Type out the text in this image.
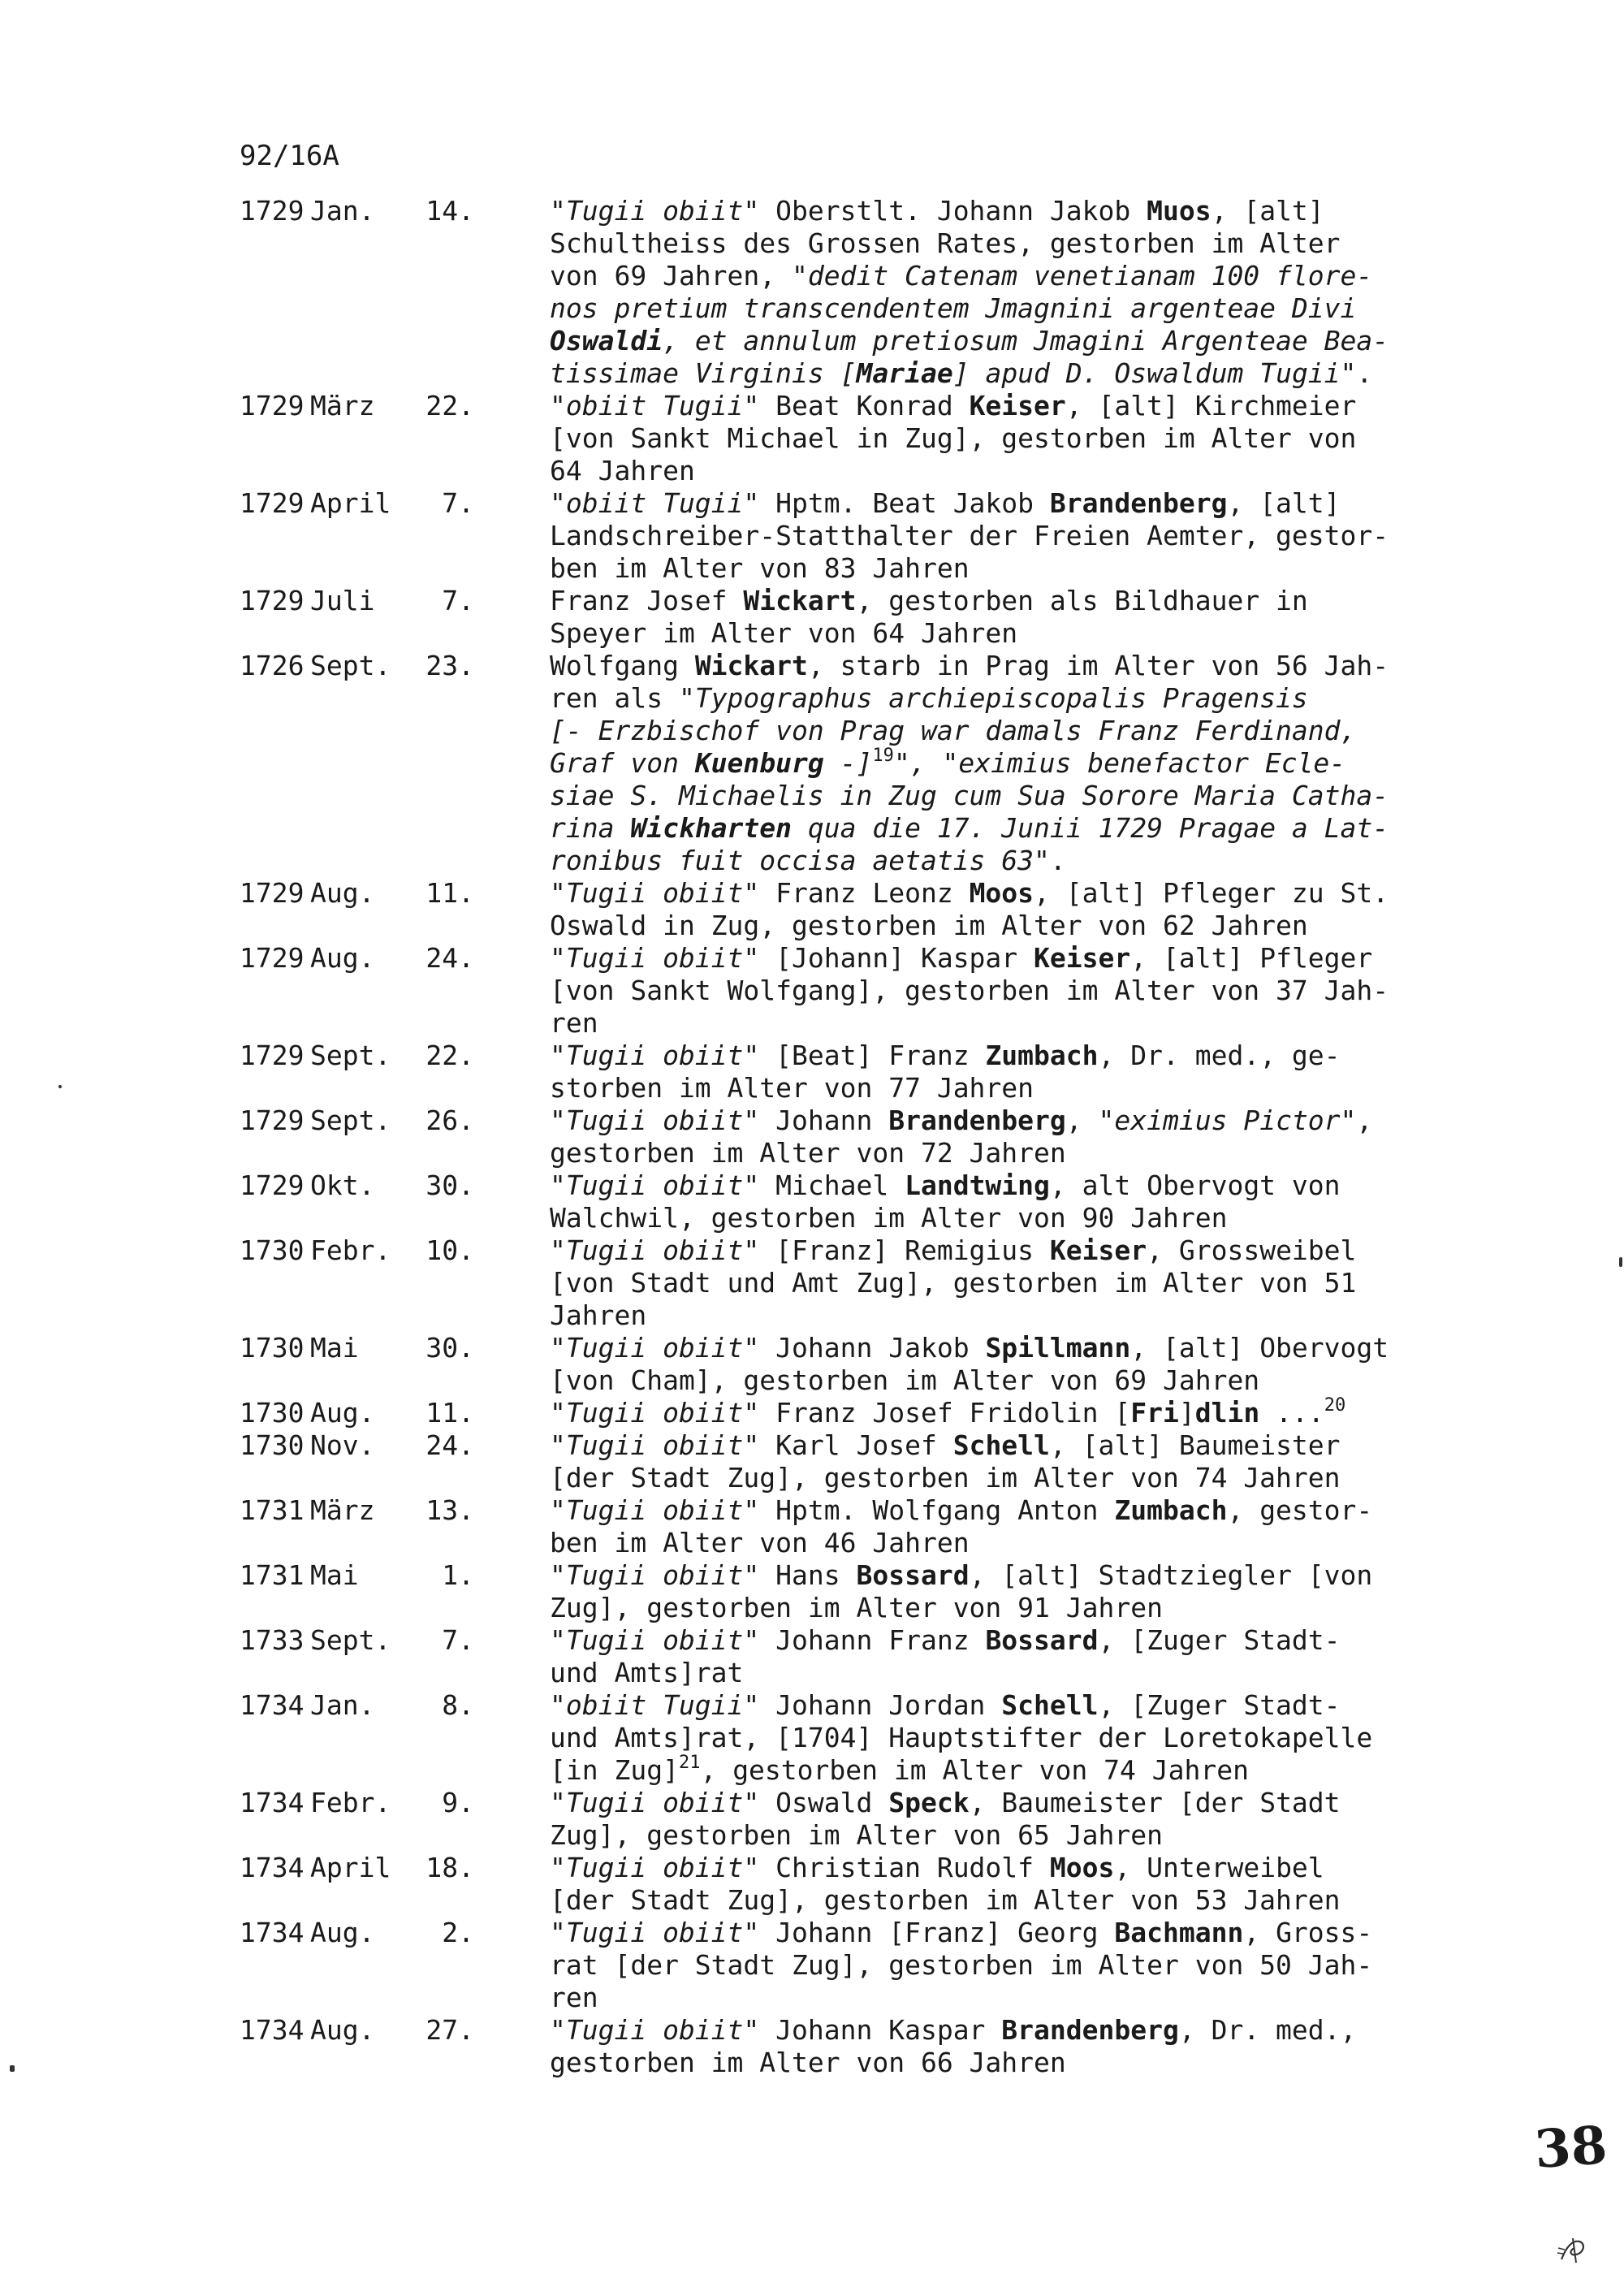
92/16A
1729 Jan.	14.	"Tugii obiit" Oberstlt. Johann Jakob Muos, [alt]
Schultheiss des Grossen Rates, gestorben im Alter
von 69 Jahren, "dedit Catenam venetianam 100 flore-
nos pretium transcendentem Jmagnini argenteae Divi
Oswaldi, et annulum pretiosum Jmagini Argenteae Bea-
tissimae Virginis [Mariae] apud D. Oswaldum Tugii".
1729 März	22.	"obiit Tugii" Beat Konrad Keiser, [alt] Kirchmeier
[von Sankt Michael in Zug], gestorben im Alter von
64 Jahren
1729 April	7.	"obiit Tugii" Hptm. Beat Jakob Brandenberg, [alt]
Landschreiber-Statthalter der Freien Aemter, gestor-
ben im Alter von 83 Jahren
1729 Juli	7.	Franz Josef Wickart, gestorben als Bildhauer in
Speyer im Alter von 64 Jahren
1726 Sept.	23.	Wolfgang Wickart, starb in Prag im Alter von 56 Jah-
ren als "Typographus archiepiscopalis Pragensis
[- Erzbischof von Prag war damals Franz Ferdinand,
Graf von Kuenburg -]$^{19}$", "eximius benefactor Ecle-
siae S. Michaelis in Zug cum Sua Sorore Maria Catha-
rina Wickharten qua die 17. Junii 1729 Pragae a Lat-
ronibus fuit occisa aetatis 63".
1729 Aug.	11.	"Tugii obiit" Franz Leonz Moos, [alt] Pfleger zu St.
Oswald in Zug, gestorben im Alter von 62 Jahren
1729 Aug.	24.	"Tugii obiit" [Johann] Kaspar Keiser, [alt] Pfleger
[von Sankt Wolfgang], gestorben im Alter von 37 Jah-
ren
1729 Sept.	22.	"Tugii obiit" [Beat] Franz Zumbach, Dr. med., ge-
storben im Alter von 77 Jahren
1729 Sept.	26.	"Tugii obiit" Johann Brandenberg, "eximius Pictor",
gestorben im Alter von 72 Jahren
1729 Okt.	30.	"Tugii obiit" Michael Landtwing, alt Obervogt von
Walchwil, gestorben im Alter von 90 Jahren
1730 Febr.	10.	"Tugii obiit" [Franz] Remigius Keiser, Grossweibel
[von Stadt und Amt Zug], gestorben im Alter von 51
Jahren
1730 Mai	30.	"Tugii obiit" Johann Jakob Spillmann, [alt] Obervogt
[von Cham], gestorben im Alter von 69 Jahren
1730 Aug.	11.	"Tugii obiit" Franz Josef Fridolin [Fri]dlin ...$^{20}$
1730 Nov.	24.	"Tugii obiit" Karl Josef Schell, [alt] Baumeister
[der Stadt Zug], gestorben im Alter von 74 Jahren
1731 März	13.	"Tugii obiit" Hptm. Wolfgang Anton Zumbach, gestor-
ben im Alter von 46 Jahren
1731 Mai	1.	"Tugii obiit" Hans Bossard, [alt] Stadtziegler [von
Zug], gestorben im Alter von 91 Jahren
1733 Sept.	7.	"Tugii obiit" Johann Franz Bossard, [Zuger Stadt-
und Amts]rat
1734 Jan.	8.	"obiit Tugii" Johann Jordan Schell, [Zuger Stadt-
und Amts]rat, [1704] Hauptstifter der Loretokapelle
[in Zug]$^{21}$, gestorben im Alter von 74 Jahren
1734 Febr.	9.	"Tugii obiit" Oswald Speck, Baumeister [der Stadt
Zug], gestorben im Alter von 65 Jahren
1734 April	18.	"Tugii obiit" Christian Rudolf Moos, Unterweibel
[der Stadt Zug], gestorben im Alter von 53 Jahren
1734 Aug.	2.	"Tugii obiit" Johann [Franz] Georg Bachmann, Gross-
rat [der Stadt Zug], gestorben im Alter von 50 Jah-
ren
1734 Aug.	27.	"Tugii obiit" Johann Kaspar Brandenberg, Dr. med.,
gestorben im Alter von 66 Jahren
38
